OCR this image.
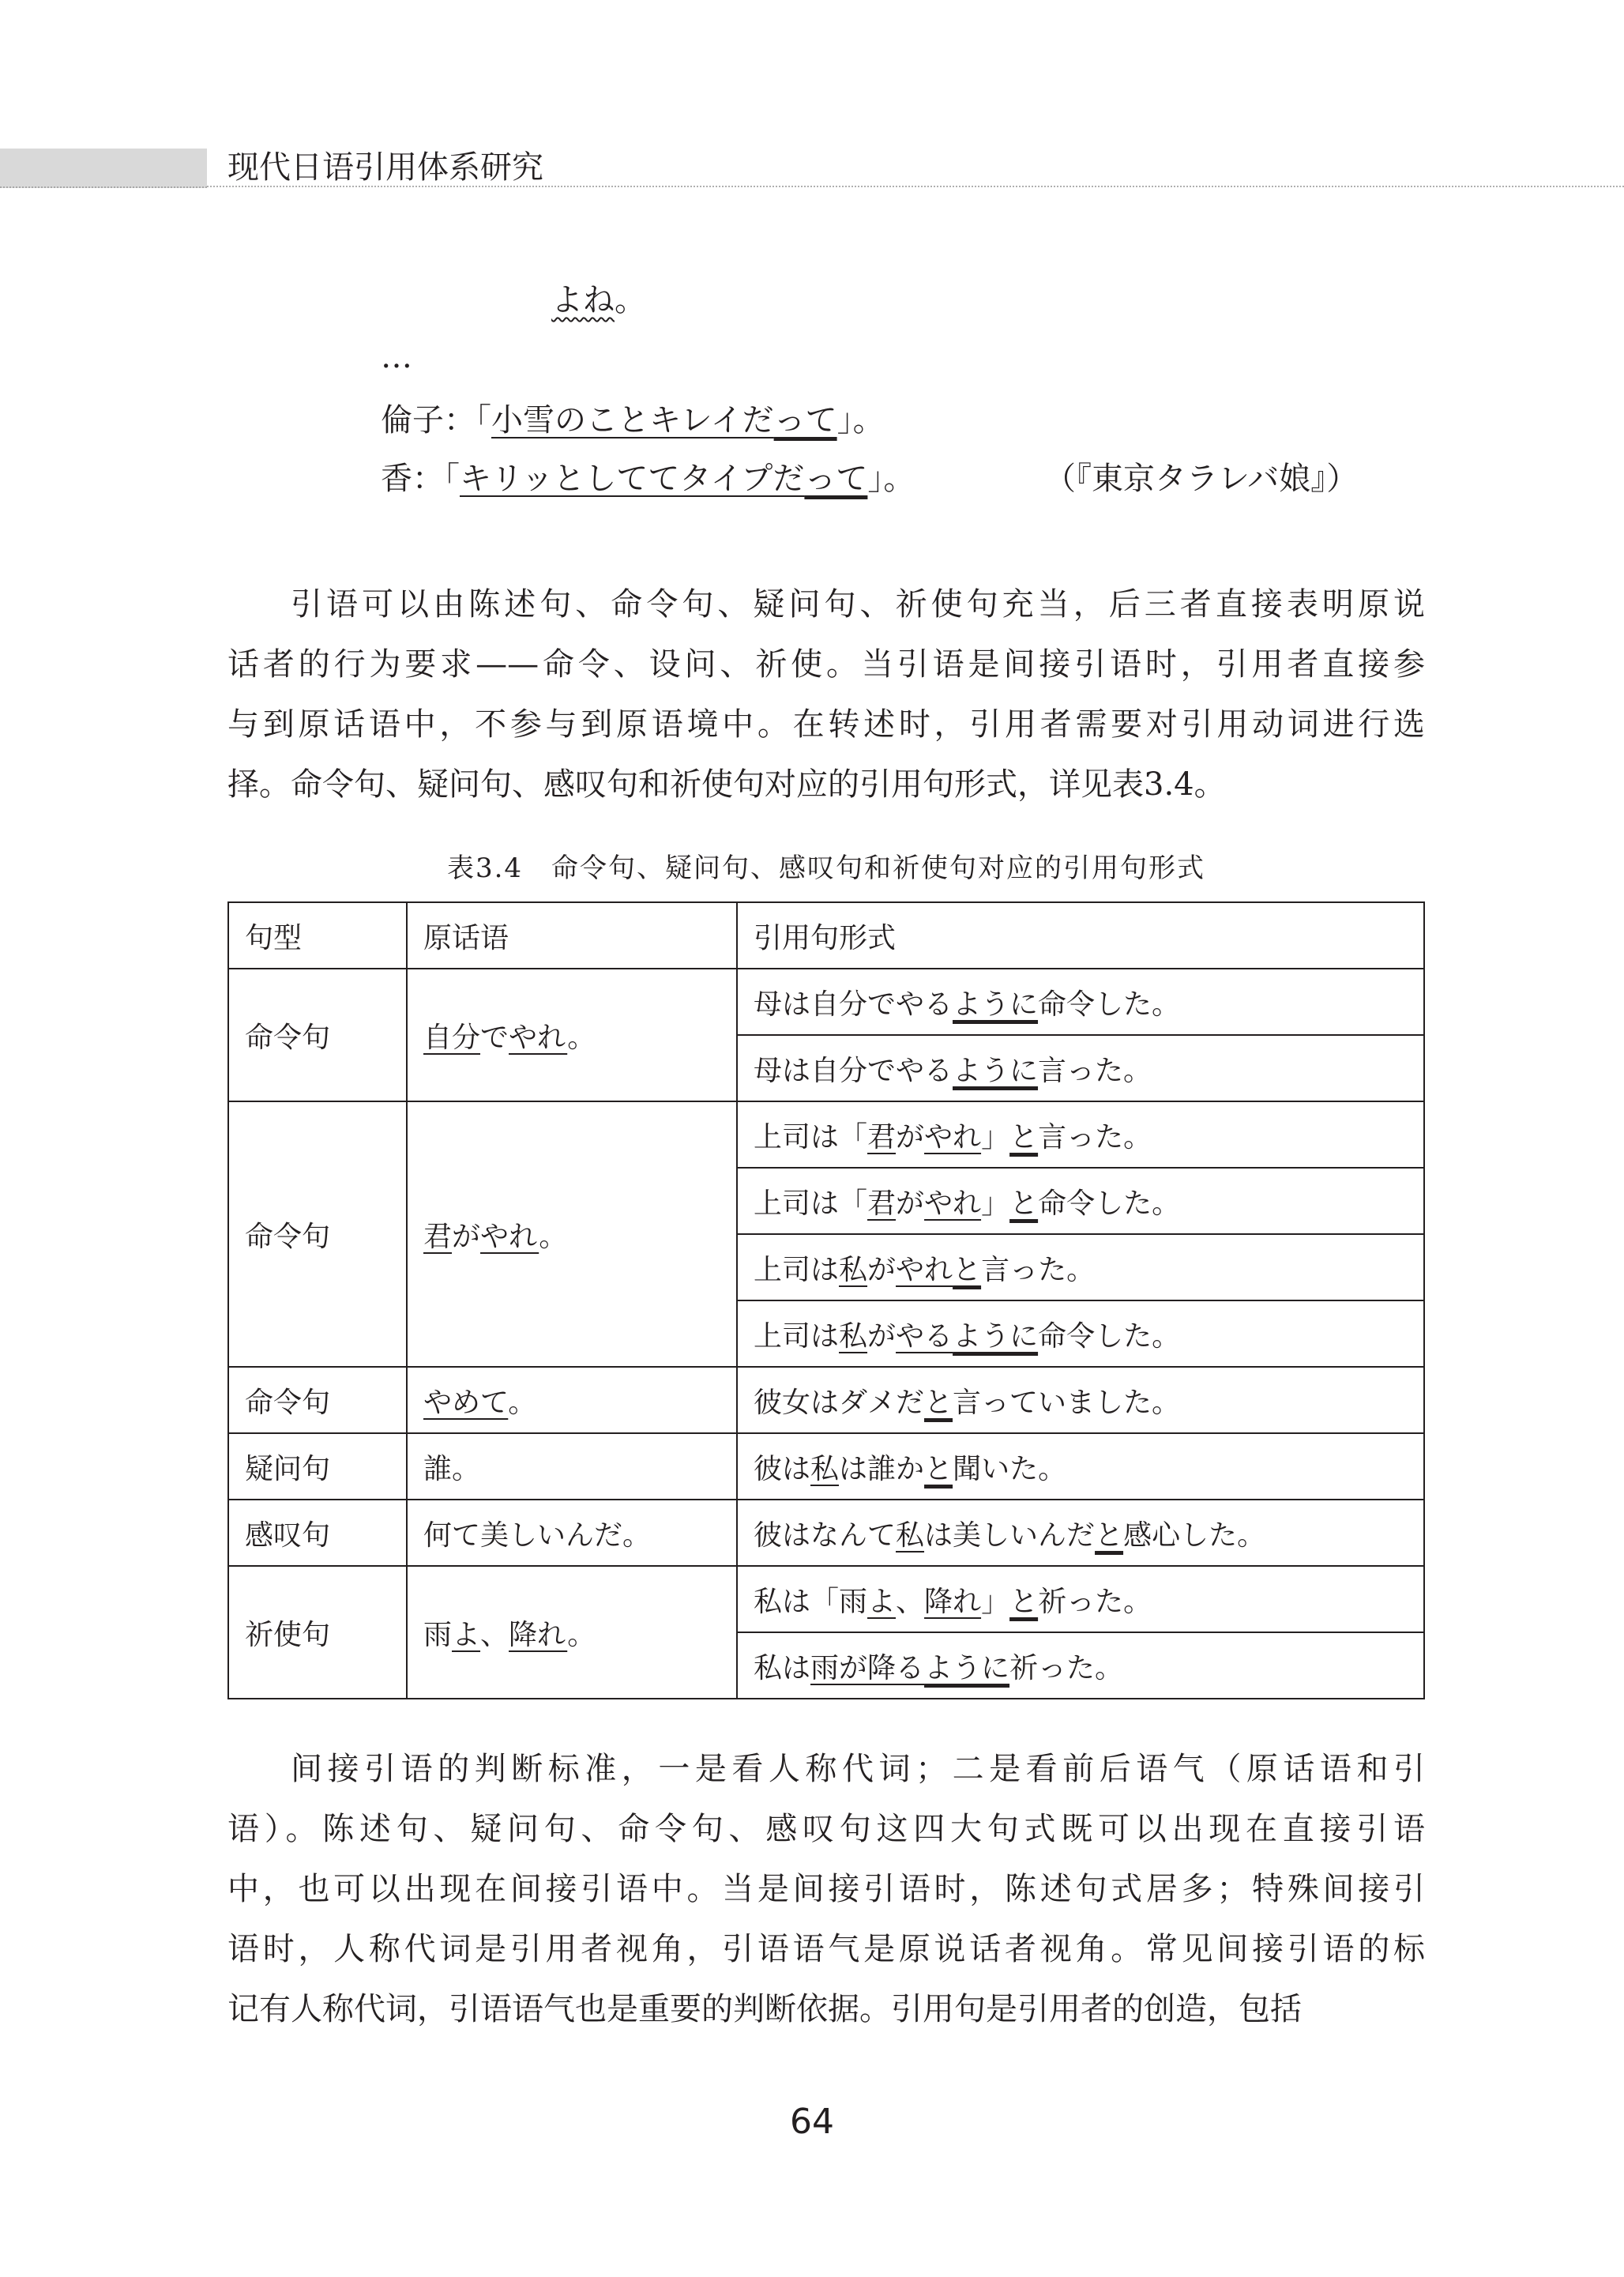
现代日语引用体系研究
よね。
…
倫子：「小雪のことキレイだって」。
香：「キリッとしててタイプだって」。	（『東京タラレバ娘』）
引语可以由陈述句、命令句、疑问句、祈使句充当，后三者直接表明原说
话者的行为要求——命令、设问、祈使。当引语是间接引语时，引用者直接参
与到原话语中，不参与到原语境中。在转述时，引用者需要对引用动词进行选
择。命令句、疑问句、感叹句和祈使句对应的引用句形式，详见表3.4。
表3.4　命令句、疑问句、感叹句和祈使句对应的引用句形式
句型	原话语	引用句形式
命令句	自分でやれ。	母は自分でやるように命令した。
		母は自分でやるように言った。
命令句	君がやれ。	上司は「君がやれ」と言った。
		上司は「君がやれ」と命令した。
		上司は私がやれと言った。
		上司は私がやるように命令した。
命令句	やめて。	彼女はダメだと言っていました。
疑问句	誰。	彼は私は誰かと聞いた。
感叹句	何て美しいんだ。	彼はなんて私は美しいんだと感心した。
祈使句	雨よ、降れ。	私は「雨よ、降れ」と祈った。
		私は雨が降るように祈った。
间接引语的判断标准，一是看人称代词；二是看前后语气（原话语和引
语）。陈述句、疑问句、命令句、感叹句这四大句式既可以出现在直接引语
中，也可以出现在间接引语中。当是间接引语时，陈述句式居多；特殊间接引
语时，人称代词是引用者视角，引语语气是原说话者视角。常见间接引语的标
记有人称代词，引语语气也是重要的判断依据。引用句是引用者的创造，包括
64
